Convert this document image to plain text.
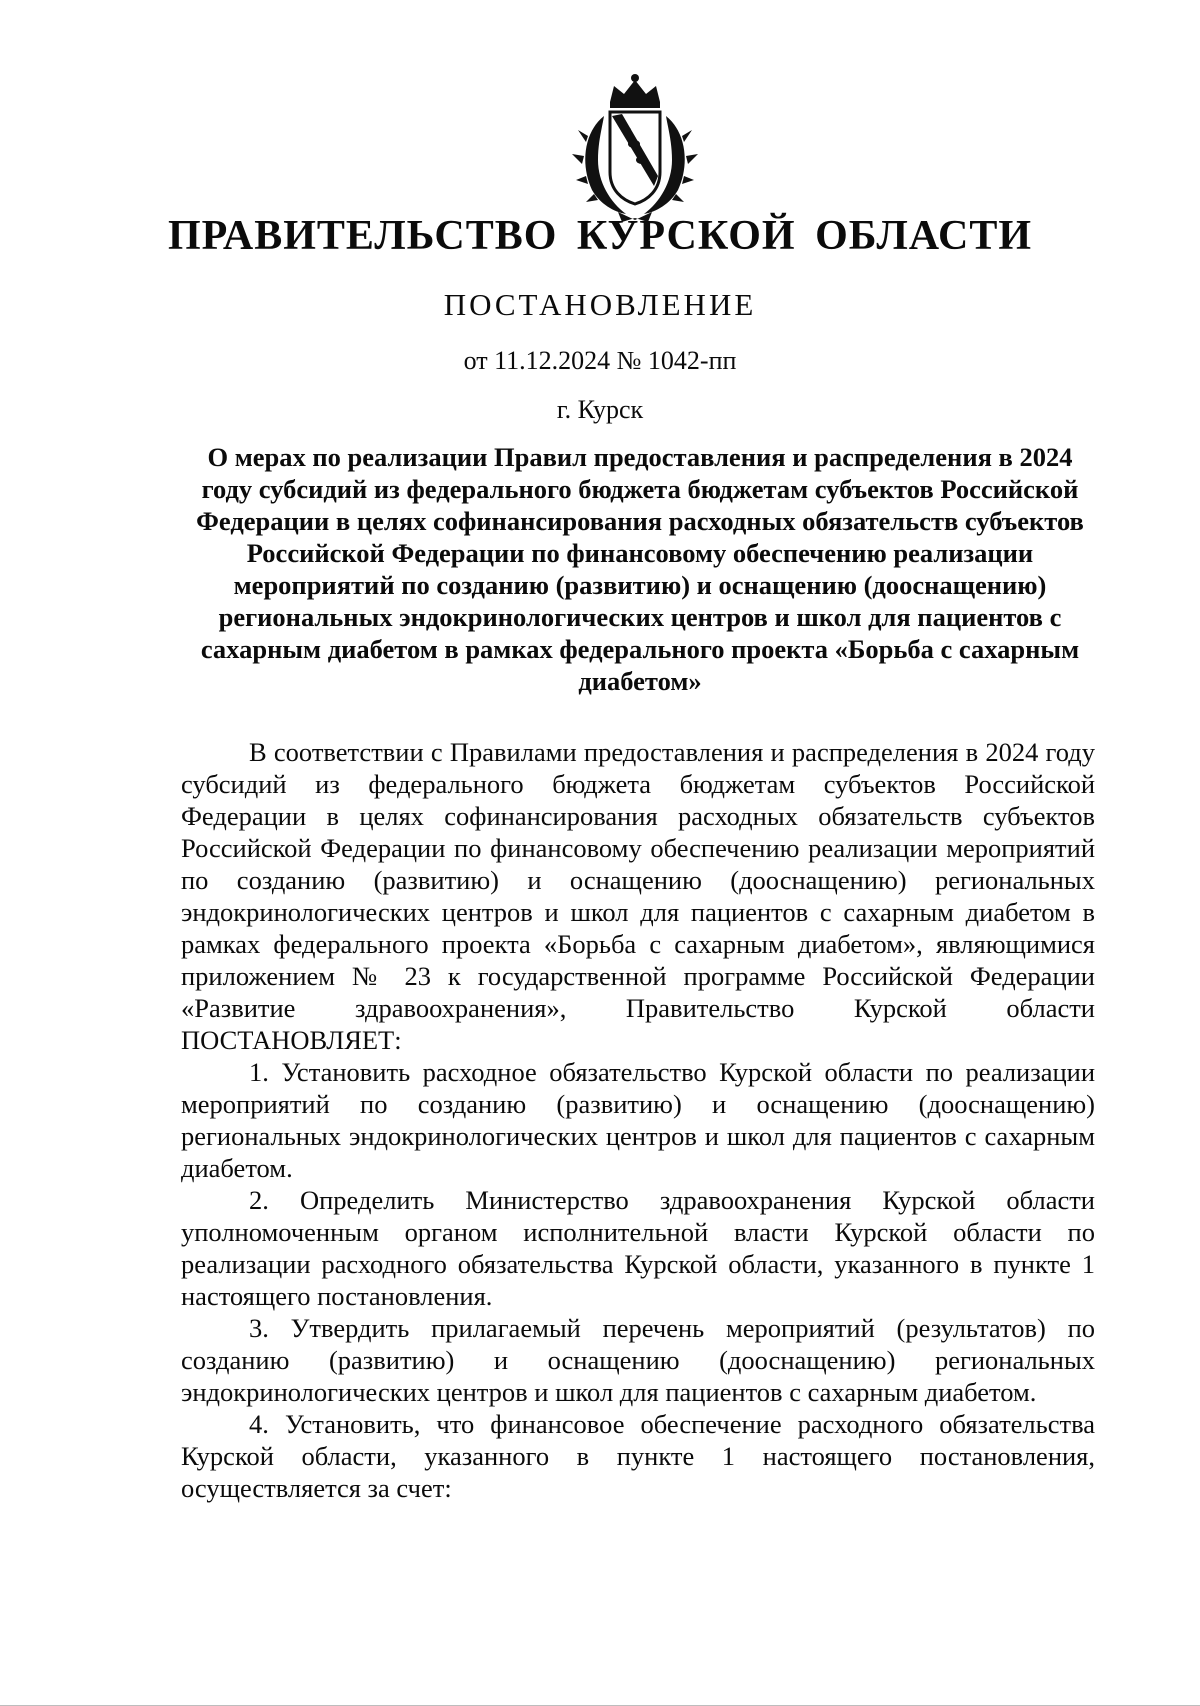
ПРАВИТЕЛЬСТВО КУРСКОЙ ОБЛАСТИ
ПОСТАНОВЛЕНИЕ
от 11.12.2024 № 1042-пп
г. Курск
О мерах по реализации Правил предоставления и распределения в 2024 году субсидий из федерального бюджета бюджетам субъектов Российской Федерации в целях софинансирования расходных обязательств субъектов Российской Федерации по финансовому обеспечению реализации мероприятий по созданию (развитию) и оснащению (дооснащению) региональных эндокринологических центров и школ для пациентов с сахарным диабетом в рамках федерального проекта «Борьба с сахарным диабетом»

В соответствии с Правилами предоставления и распределения в 2024 году субсидий из федерального бюджета бюджетам субъектов Российской Федерации в целях софинансирования расходных обязательств субъектов Российской Федерации по финансовому обеспечению реализации мероприятий по созданию (развитию) и оснащению (дооснащению) региональных эндокринологических центров и школ для пациентов с сахарным диабетом в рамках федерального проекта «Борьба с сахарным диабетом», являющимися приложением № 23 к государственной программе Российской Федерации «Развитие здравоохранения», Правительство Курской области ПОСТАНОВЛЯЕТ:

1. Установить расходное обязательство Курской области по реализации мероприятий по созданию (развитию) и оснащению (дооснащению) региональных эндокринологических центров и школ для пациентов с сахарным диабетом.

2. Определить Министерство здравоохранения Курской области уполномоченным органом исполнительной власти Курской области по реализации расходного обязательства Курской области, указанного в пункте 1 настоящего постановления.

3. Утвердить прилагаемый перечень мероприятий (результатов) по созданию (развитию) и оснащению (дооснащению) региональных эндокринологических центров и школ для пациентов с сахарным диабетом.

4. Установить, что финансовое обеспечение расходного обязательства Курской области, указанного в пункте 1 настоящего постановления, осуществляется за счет:
